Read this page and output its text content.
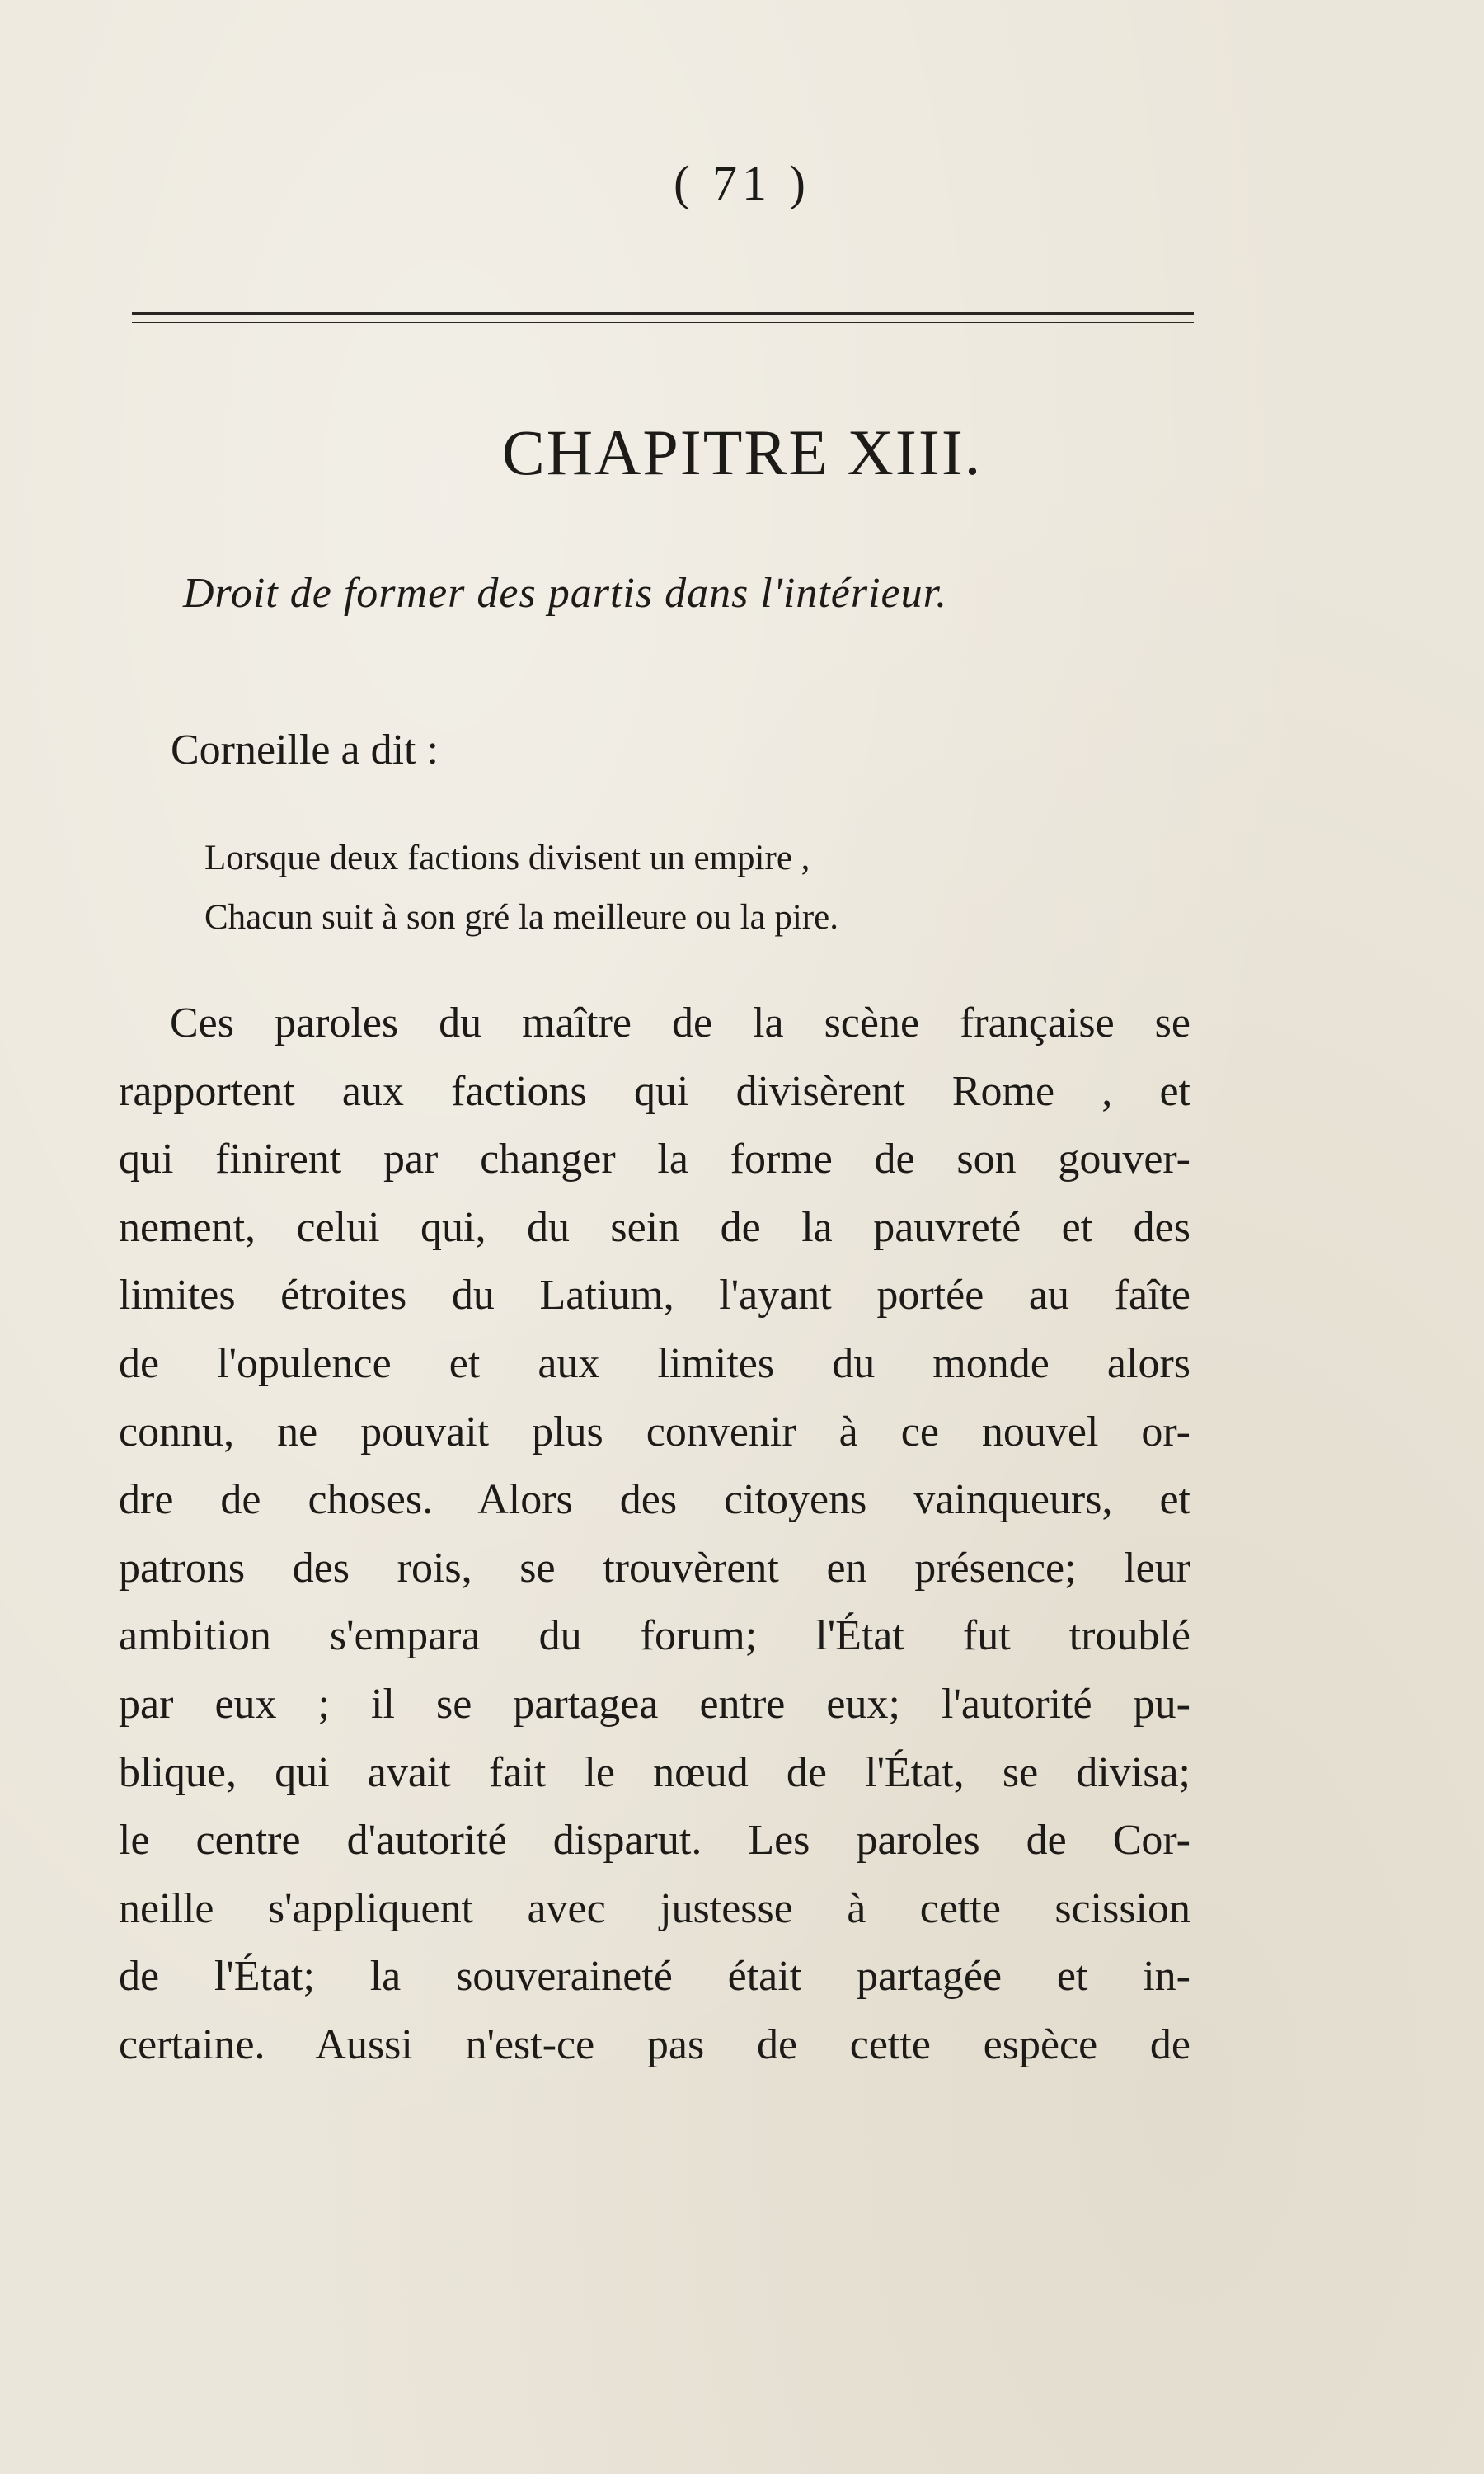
( 71 )
CHAPITRE XIII.
Droit de former des partis dans l'intérieur.
Corneille a dit :
Lorsque deux factions divisent un empire ,
Chacun suit à son gré la meilleure ou la pire.

Ces paroles du maître de la scène française se
rapportent aux factions qui divisèrent Rome , et
qui finirent par changer la forme de son gouver-
nement, celui qui, du sein de la pauvreté et des
limites étroites du Latium, l'ayant portée au faîte
de l'opulence et aux limites du monde alors
connu, ne pouvait plus convenir à ce nouvel or-
dre de choses. Alors des citoyens vainqueurs, et
patrons des rois, se trouvèrent en présence; leur
ambition s'empara du forum; l'État fut troublé
par eux ; il se partagea entre eux; l'autorité pu-
blique, qui avait fait le nœud de l'État, se divisa;
le centre d'autorité disparut. Les paroles de Cor-
neille s'appliquent avec justesse à cette scission
de l'État; la souveraineté était partagée et in-
certaine. Aussi n'est-ce pas de cette espèce de
